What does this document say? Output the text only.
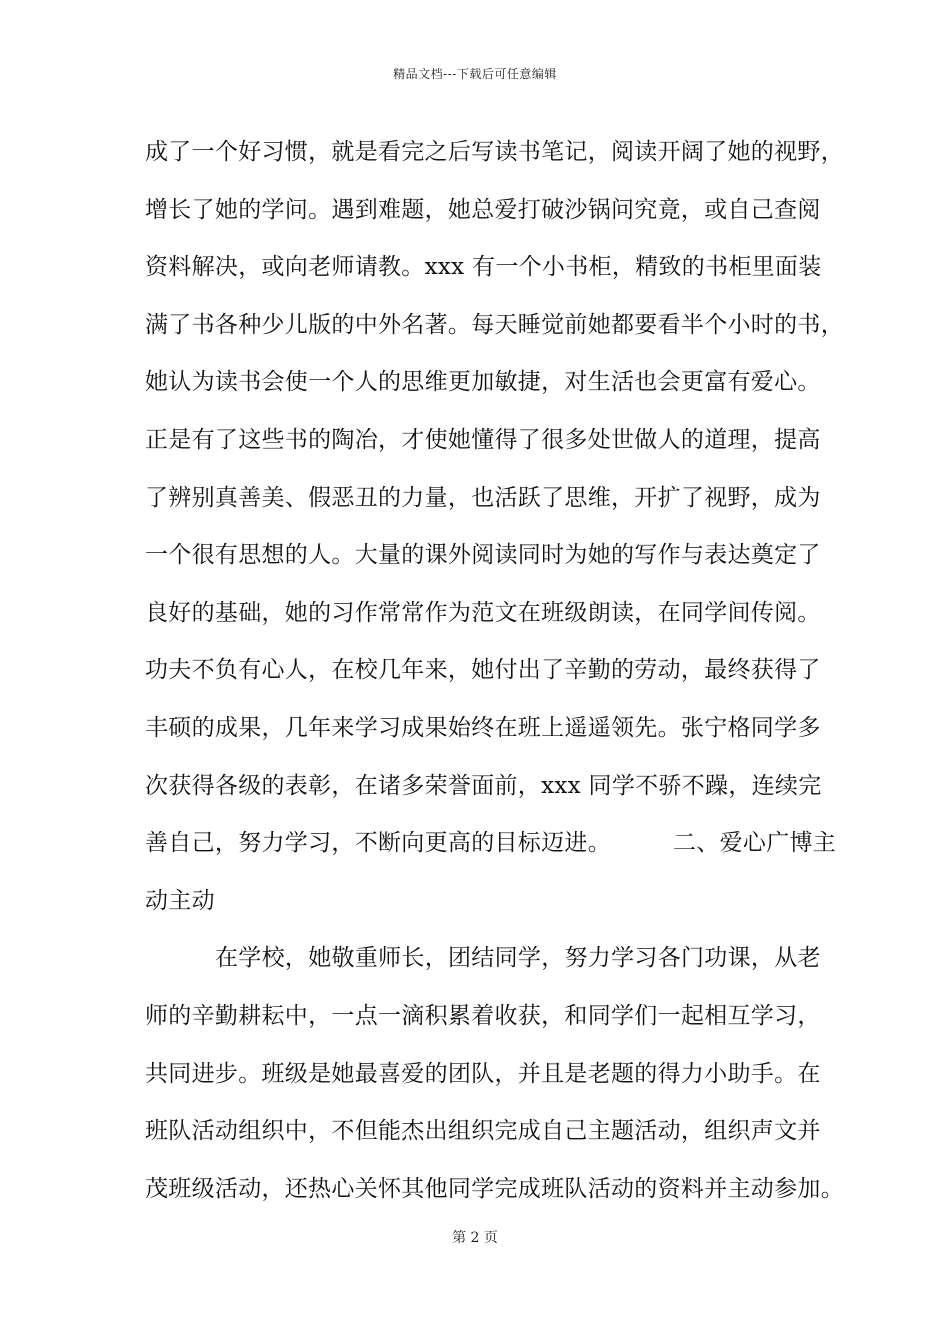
精品文档---下载后可任意编辑
成了一个好习惯，就是看完之后写读书笔记，阅读开阔了她的视野，
增长了她的学问。遇到难题，她总爱打破沙锅问究竟，或自己查阅
资料解决，或向老师请教。xxx 有一个小书柜，精致的书柜里面装
满了书各种少儿版的中外名著。每天睡觉前她都要看半个小时的书，
她认为读书会使一个人的思维更加敏捷，对生活也会更富有爱心。
正是有了这些书的陶冶，才使她懂得了很多处世做人的道理，提高
了辨别真善美、假恶丑的力量，也活跃了思维，开扩了视野，成为
一个很有思想的人。大量的课外阅读同时为她的写作与表达奠定了
良好的基础，她的习作常常作为范文在班级朗读，在同学间传阅。
功夫不负有心人，在校几年来，她付出了辛勤的劳动，最终获得了
丰硕的成果，几年来学习成果始终在班上遥遥领先。张宁格同学多
次获得各级的表彰，在诸多荣誉面前，xxx 同学不骄不躁，连续完
善自己，努力学习，不断向更高的目标迈进。	二、爱心广博主
动主动
在学校，她敬重师长，团结同学，努力学习各门功课，从老
师的辛勤耕耘中，一点一滴积累着收获，和同学们一起相互学习，
共同进步。班级是她最喜爱的团队，并且是老题的得力小助手。在
班队活动组织中，不但能杰出组织完成自己主题活动，组织声文并
茂班级活动，还热心关怀其他同学完成班队活动的资料并主动参加。
第 2 页
